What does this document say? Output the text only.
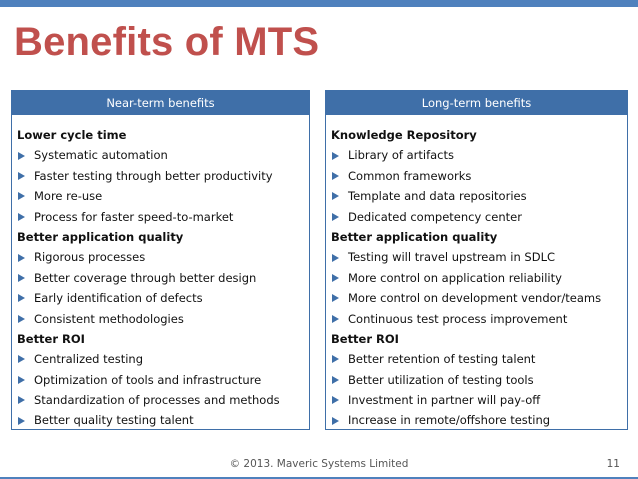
Benefits of MTS
Near-term benefits
Lower cycle time
Systematic automation
Faster testing through better productivity
More re-use
Process for faster speed-to-market
Better application quality
Rigorous processes
Better coverage through better design
Early identification of defects
Consistent methodologies
Better ROI
Centralized testing
Optimization of tools and infrastructure
Standardization of processes and methods
Better quality testing talent
Long-term benefits
Knowledge Repository
Library of artifacts
Common frameworks
Template and data repositories
Dedicated competency center
Better application quality
Testing will travel upstream in SDLC
More control on application reliability
More control on development vendor/teams
Continuous test process improvement
Better ROI
Better retention of testing talent
Better utilization of testing tools
Investment in partner will pay-off
Increase in remote/offshore testing
© 2013. Maveric Systems Limited	11
